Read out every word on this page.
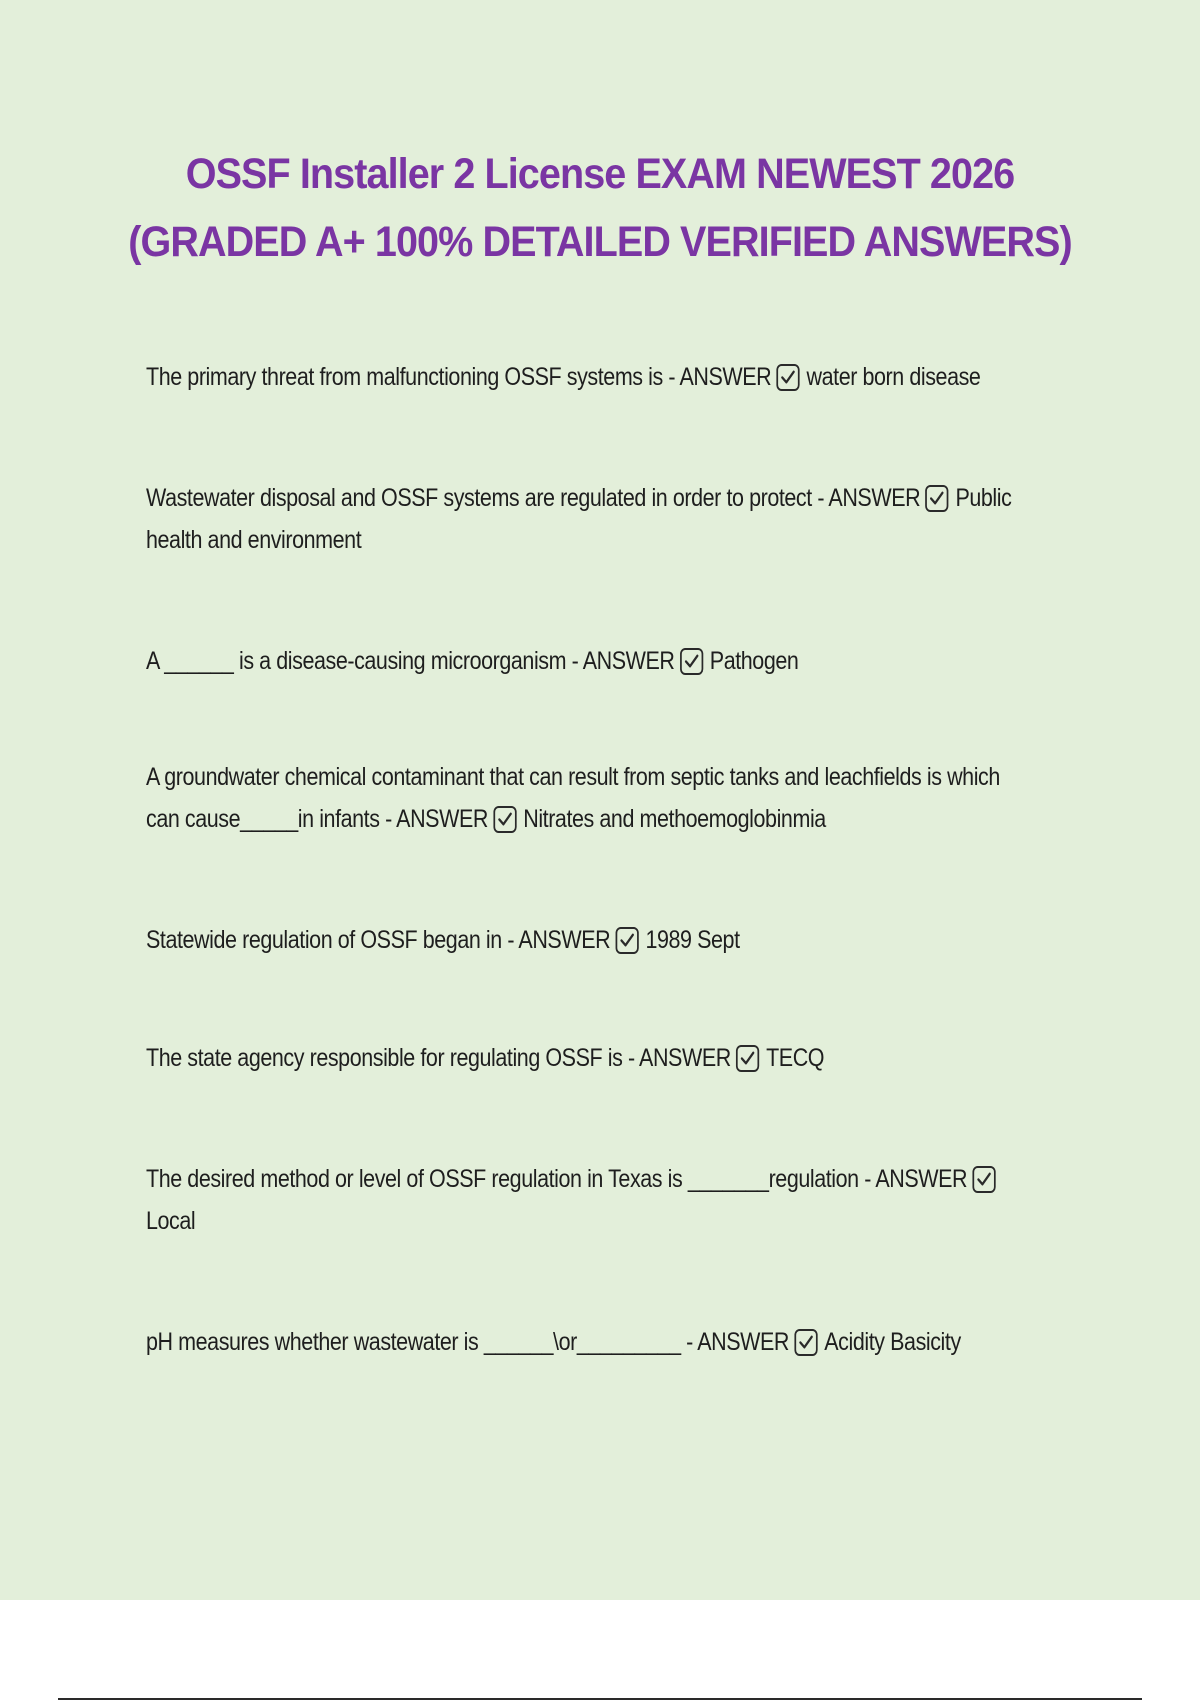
OSSF Installer 2 License EXAM NEWEST 2026
(GRADED A+ 100% DETAILED VERIFIED ANSWERS)

The primary threat from malfunctioning OSSF systems is - ANSWER water born disease

Wastewater disposal and OSSF systems are regulated in order to protect - ANSWER Public health and environment

A ______ is a disease-causing microorganism - ANSWER Pathogen

A groundwater chemical contaminant that can result from septic tanks and leachfields is which can cause_____in infants - ANSWER Nitrates and methoemoglobinmia

Statewide regulation of OSSF began in - ANSWER 1989 Sept

The state agency responsible for regulating OSSF is - ANSWER TECQ

The desired method or level of OSSF regulation in Texas is _______regulation - ANSWER
Local

pH measures whether wastewater is ______\or_________ - ANSWER Acidity Basicity
